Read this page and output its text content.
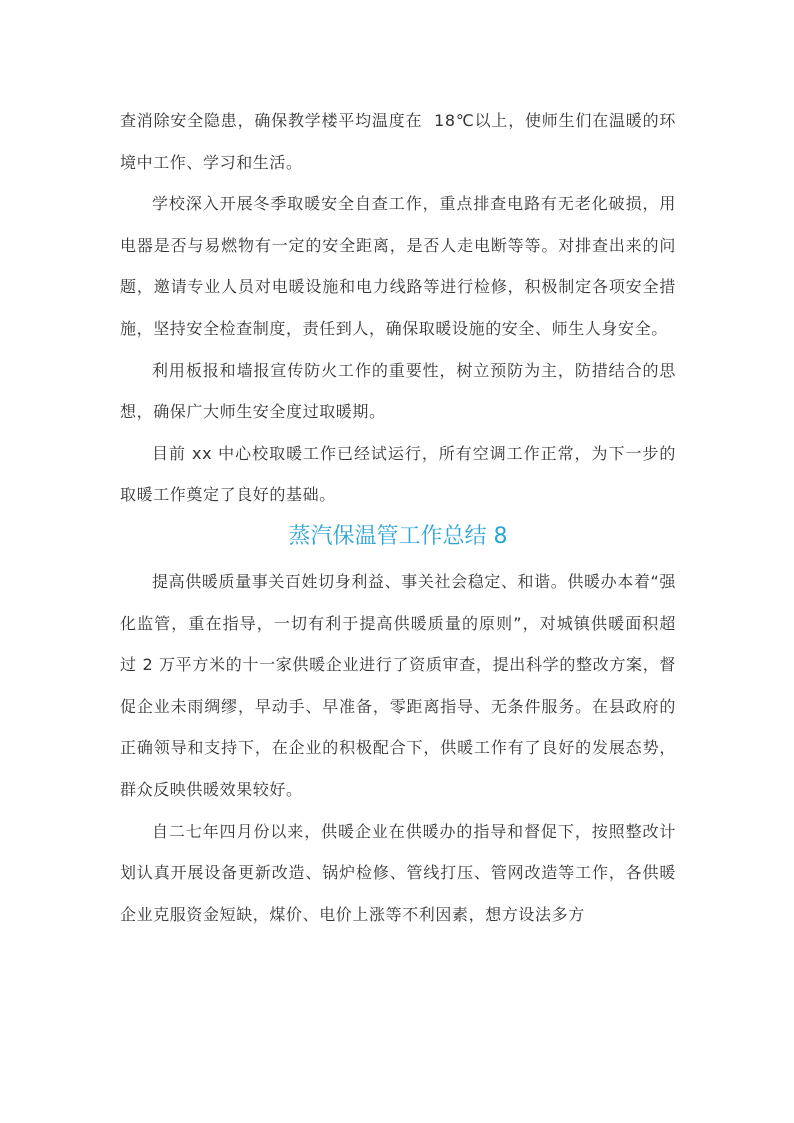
查消除安全隐患，确保教学楼平均温度在  18℃以上，使师生们在温暖的环境中工作、学习和生活。

学校深入开展冬季取暖安全自查工作，重点排查电路有无老化破损，用电器是否与易燃物有一定的安全距离，是否人走电断等等。对排查出来的问题，邀请专业人员对电暖设施和电力线路等进行检修，积极制定各项安全措施，坚持安全检查制度，责任到人，确保取暖设施的安全、师生人身安全。

利用板报和墙报宣传防火工作的重要性，树立预防为主，防措结合的思想，确保广大师生安全度过取暖期。

目前 xx 中心校取暖工作已经试运行，所有空调工作正常，为下一步的取暖工作奠定了良好的基础。

蒸汽保温管工作总结 8

提高供暖质量事关百姓切身利益、事关社会稳定、和谐。供暖办本着“强化监管，重在指导，一切有利于提高供暖质量的原则”，对城镇供暖面积超过 2 万平方米的十一家供暖企业进行了资质审查，提出科学的整改方案，督促企业未雨绸缪，早动手、早准备，零距离指导、无条件服务。在县政府的正确领导和支持下，在企业的积极配合下，供暖工作有了良好的发展态势，群众反映供暖效果较好。

自二七年四月份以来，供暖企业在供暖办的指导和督促下，按照整改计划认真开展设备更新改造、锅炉检修、管线打压、管网改造等工作，各供暖企业克服资金短缺，煤价、电价上涨等不利因素，想方设法多方
